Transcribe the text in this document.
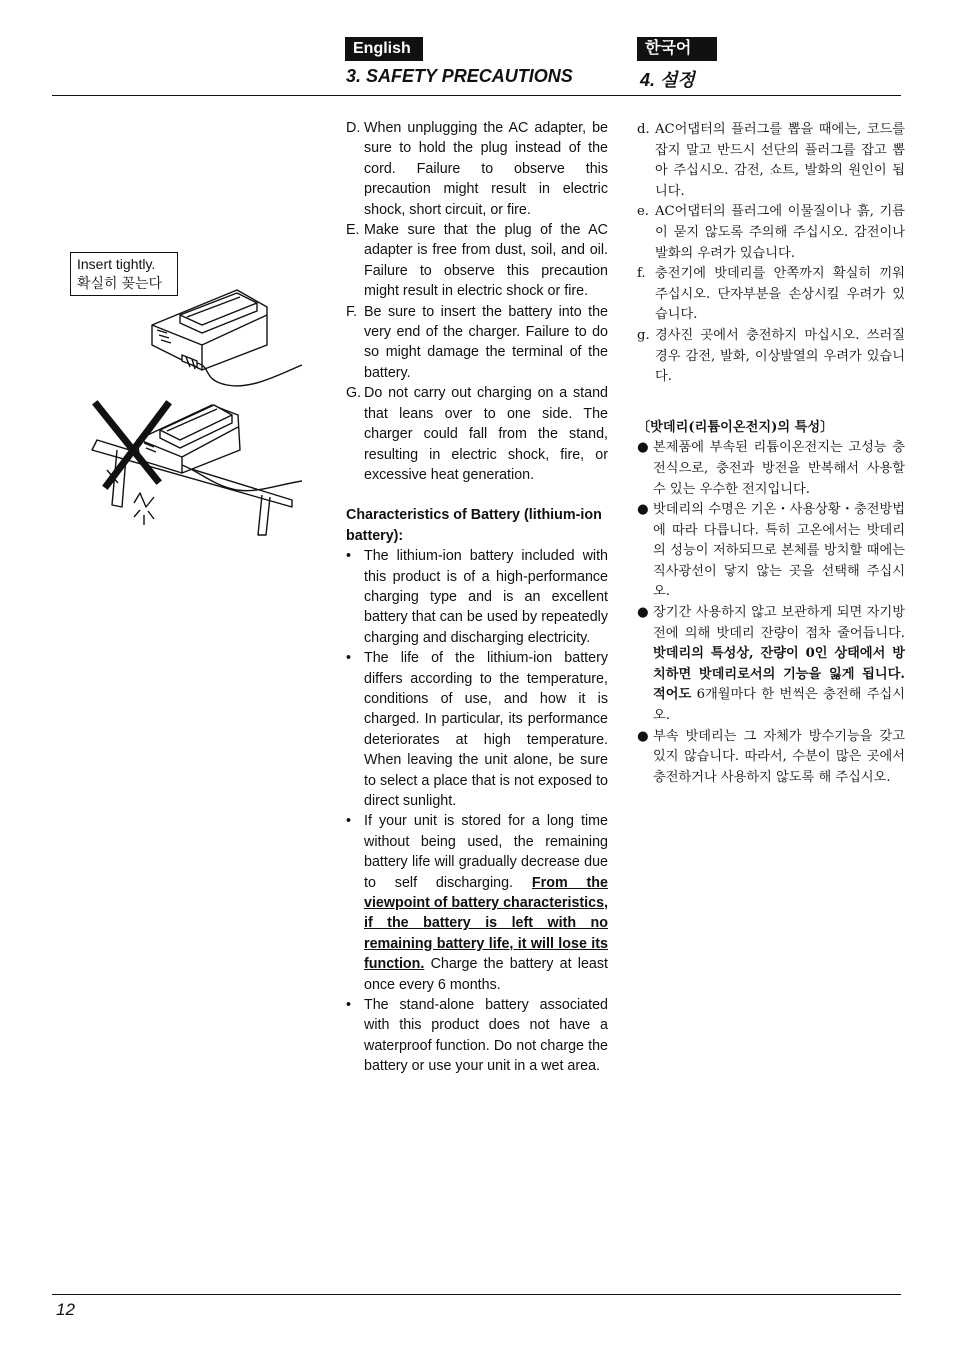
English	한국어
3. SAFETY PRECAUTIONS	4. 설정
Insert tightly.
확실히 꽂는다
D. When unplugging the AC adapter, be sure to hold the plug instead of the cord. Failure to observe this precaution might result in electric shock, short circuit, or fire.
E. Make sure that the plug of the AC adapter is free from dust, soil, and oil. Failure to observe this precaution might result in electric shock or fire.
F. Be sure to insert the battery into the very end of the charger. Failure to do so might damage the terminal of the battery.
G. Do not carry out charging on a stand that leans over to one side. The charger could fall from the stand, resulting in electric shock, fire, or excessive heat generation.
Characteristics of Battery (lithium-ion battery):
• The lithium-ion battery included with this product is of a high-performance charging type and is an excellent battery that can be used by repeatedly charging and discharging electricity.
• The life of the lithium-ion battery differs according to the temperature, conditions of use, and how it is charged. In particular, its performance deteriorates at high temperature. When leaving the unit alone, be sure to select a place that is not exposed to direct sunlight.
• If your unit is stored for a long time without being used, the remaining battery life will gradually decrease due to self discharging. From the viewpoint of battery characteristics, if the battery is left with no remaining battery life, it will lose its function. Charge the battery at least once every 6 months.
• The stand-alone battery associated with this product does not have a waterproof function. Do not charge the battery or use your unit in a wet area.
d. AC어댑터의 플러그를 뽑을 때에는, 코드를 잡지 말고 반드시 선단의 플러그를 잡고 뽑아 주십시오. 감전, 쇼트, 발화의 원인이 됩니다.
e. AC어댑터의 플러그에 이물질이나 흙, 기름이 묻지 않도록 주의해 주십시오. 감전이나 발화의 우려가 있습니다.
f. 충전기에 밧데리를 안쪽까지 확실히 끼워 주십시오. 단자부분을 손상시킬 우려가 있습니다.
g. 경사진 곳에서 충전하지 마십시오. 쓰러질 경우 감전, 발화, 이상발열의 우려가 있습니다.
〔밧데리(리튬이온전지)의 특성〕
● 본제품에 부속된 리튬이온전지는 고성능 충전식으로, 충전과 방전을 반복해서 사용할 수 있는 우수한 전지입니다.
● 밧데리의 수명은 기온・사용상황・충전방법에 따라 다릅니다. 특히 고온에서는 밧데리의 성능이 저하되므로 본체를 방치할 때에는 직사광선이 닿지 않는 곳을 선택해 주십시오.
● 장기간 사용하지 않고 보관하게 되면 자기방전에 의해 밧데리 잔량이 점차 줄어듭니다. 밧데리의 특성상, 잔량이 0인 상태에서 방치하면 밧데리로서의 기능을 잃게 됩니다. 적어도 6개월마다 한 번씩은 충전해 주십시오.
● 부속 밧데리는 그 자체가 방수기능을 갖고 있지 않습니다. 따라서, 수분이 많은 곳에서 충전하거나 사용하지 않도록 해 주십시오.
12
